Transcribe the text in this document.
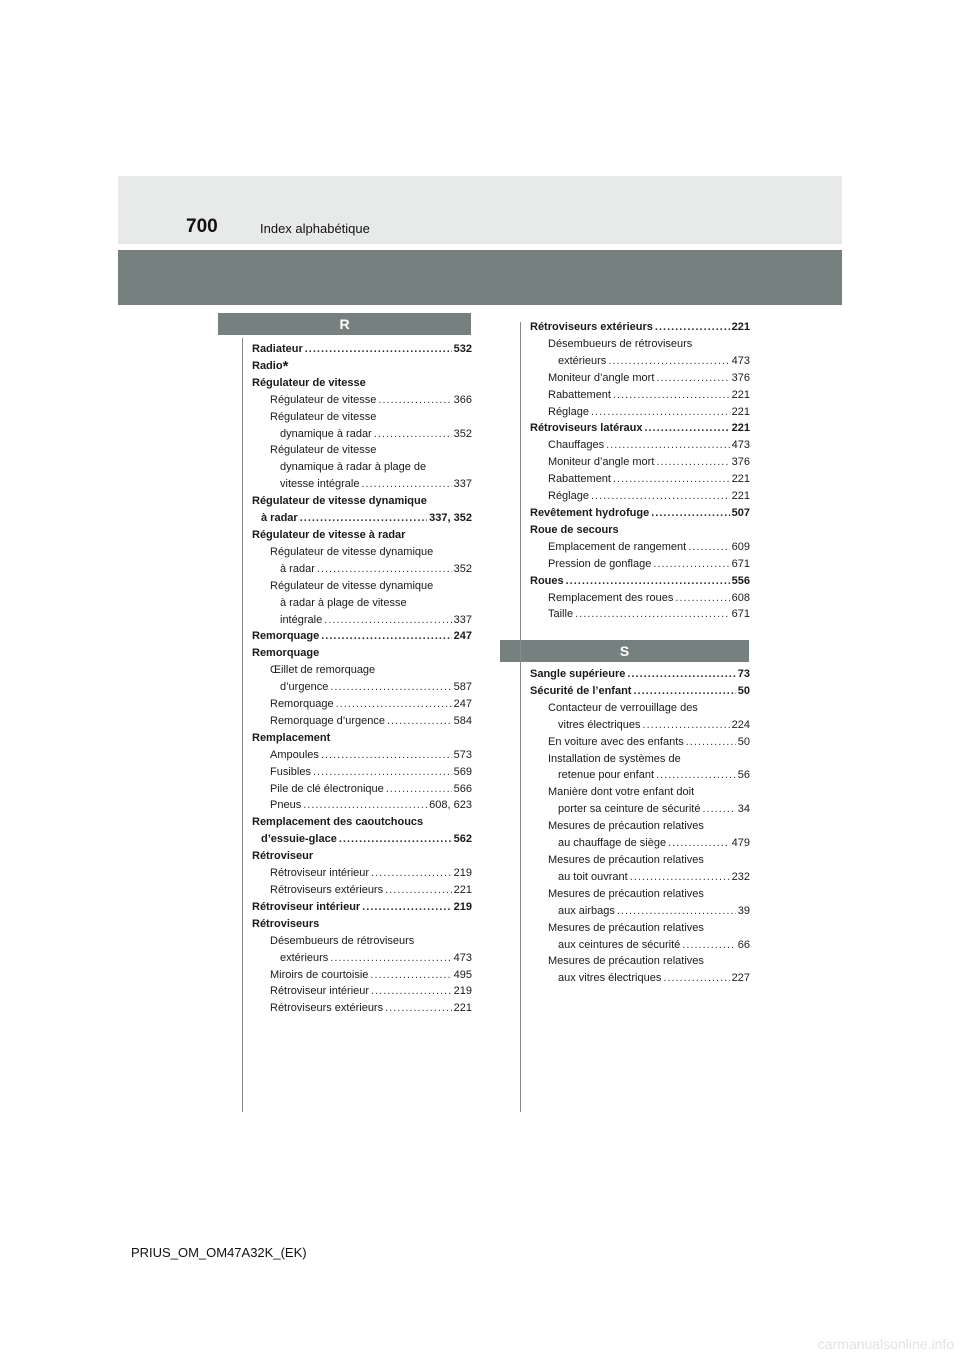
700	Index alphabétique
R
S
Radiateur .....	532
Radio*
Régulateur de vitesse
Régulateur de vitesse .....	366
Régulateur de vitesse
dynamique à radar .....	352
Régulateur de vitesse
dynamique à radar à plage de
vitesse intégrale .....	337
Régulateur de vitesse dynamique
à radar .....	337, 352
Régulateur de vitesse à radar
Régulateur de vitesse dynamique
à radar .....	352
Régulateur de vitesse dynamique
à radar à plage de vitesse
intégrale .....	337
Remorquage .....	247
Remorquage
Œillet de remorquage
d’urgence .....	587
Remorquage .....	247
Remorquage d’urgence .....	584
Remplacement
Ampoules .....	573
Fusibles .....	569
Pile de clé électronique .....	566
Pneus .....	608, 623
Remplacement des caoutchoucs
d’essuie-glace .....	562
Rétroviseur
Rétroviseur intérieur .....	219
Rétroviseurs extérieurs .....	221
Rétroviseur intérieur .....	219
Rétroviseurs
Désembueurs de rétroviseurs
extérieurs .....	473
Miroirs de courtoisie .....	495
Rétroviseur intérieur .....	219
Rétroviseurs extérieurs .....	221
Rétroviseurs extérieurs .....	221
Désembueurs de rétroviseurs
extérieurs .....	473
Moniteur d’angle mort .....	376
Rabattement .....	221
Réglage .....	221
Rétroviseurs latéraux .....	221
Chauffages .....	473
Moniteur d’angle mort .....	376
Rabattement .....	221
Réglage .....	221
Revêtement hydrofuge .....	507
Roue de secours
Emplacement de rangement .....	609
Pression de gonflage .....	671
Roues .....	556
Remplacement des roues .....	608
Taille .....	671
Sangle supérieure .....	73
Sécurité de l’enfant .....	50
Contacteur de verrouillage des
vitres électriques .....	224
En voiture avec des enfants .....	50
Installation de systèmes de
retenue pour enfant .....	56
Manière dont votre enfant doit
porter sa ceinture de sécurité .....	34
Mesures de précaution relatives
au chauffage de siège .....	479
Mesures de précaution relatives
au toit ouvrant .....	232
Mesures de précaution relatives
aux airbags .....	39
Mesures de précaution relatives
aux ceintures de sécurité .....	66
Mesures de précaution relatives
aux vitres électriques .....	227
PRIUS_OM_OM47A32K_(EK)
carmanualsonline.info
